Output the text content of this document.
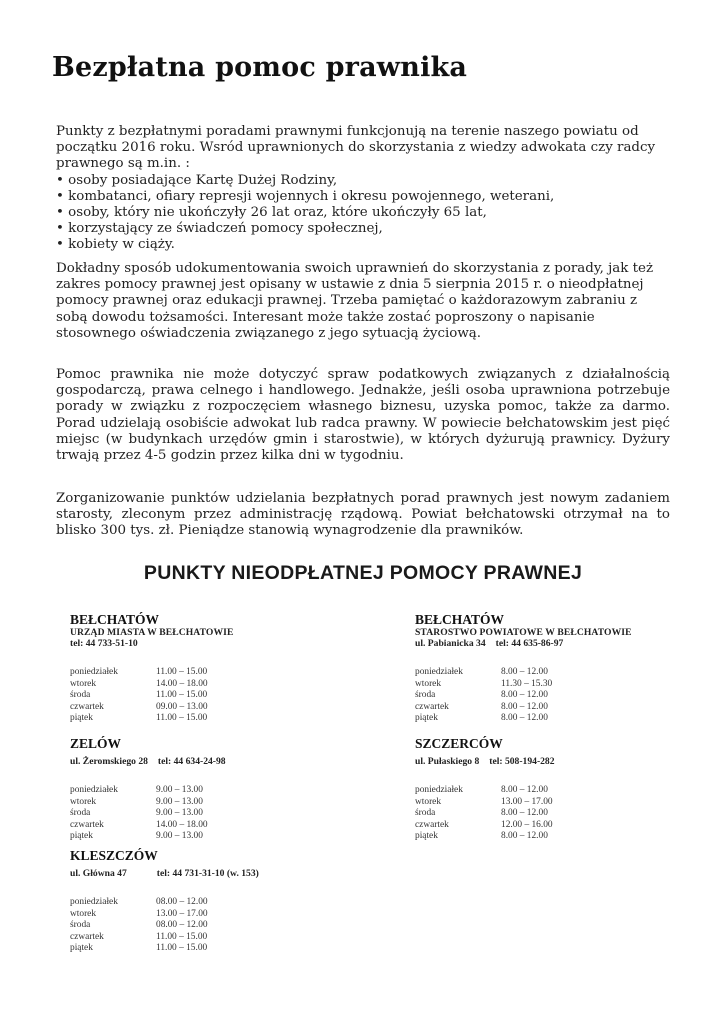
Bezpłatna pomoc prawnika

Punkty z bezpłatnymi poradami prawnymi funkcjonują na terenie naszego powiatu od początku 2016 roku. Wsród uprawnionych do skorzystania z wiedzy adwokata czy radcy prawnego są m.in. :

• osoby posiadające Kartę Dużej Rodziny,
• kombatanci, ofiary represji wojennych i okresu powojennego, weterani,
• osoby, który nie ukończyły 26 lat oraz, które ukończyły 65 lat,
• korzystający ze świadczeń pomocy społecznej,
• kobiety w ciąży.

Dokładny sposób udokumentowania swoich uprawnień do skorzystania z porady, jak też zakres pomocy prawnej jest opisany w ustawie z dnia 5 sierpnia 2015 r. o nieodpłatnej pomocy prawnej oraz edukacji prawnej. Trzeba pamiętać o każdorazowym zabraniu z sobą dowodu tożsamości. Interesant może także zostać poproszony o napisanie stosownego oświadczenia związanego z jego sytuacją życiową.

Pomoc prawnika nie może dotyczyć spraw podatkowych związanych z działalnością gospodarczą, prawa celnego i handlowego. Jednakże, jeśli osoba uprawniona potrzebuje porady w związku z rozpoczęciem własnego biznesu, uzyska pomoc, także za darmo. Porad udzielają osobiście adwokat lub radca prawny. W powiecie bełchatowskim jest pięć miejsc (w budynkach urzędów gmin i starostwie), w których dyżurują prawnicy. Dyżury trwają przez 4-5 godzin przez kilka dni w tygodniu.

Zorganizowanie punktów udzielania bezpłatnych porad prawnych jest nowym zadaniem starosty, zleconym przez administrację rządową. Powiat bełchatowski otrzymał na to blisko 300 tys. zł. Pieniądze stanowią wynagrodzenie dla prawników.

PUNKTY NIEODPŁATNEJ POMOCY PRAWNEJ
BEŁCHATÓW
URZĄD MIASTA W BEŁCHATOWIE
tel: 44 733-51-10
poniedziałek	11.00 – 15.00
wtorek	14.00 – 18.00
środa	11.00 – 15.00
czwartek	09.00 – 13.00
piątek	11.00 – 15.00
BEŁCHATÓW
STAROSTWO POWIATOWE W BEŁCHATOWIE
ul. Pabianicka 34 tel: 44 635-86-97
poniedziałek	8.00 – 12.00
wtorek	11.30 – 15.30
środa	8.00 – 12.00
czwartek	8.00 – 12.00
piątek	8.00 – 12.00
ZELÓW
ul. Żeromskiego 28 tel: 44 634-24-98
poniedziałek	9.00 – 13.00
wtorek	9.00 – 13.00
środa	9.00 – 13.00
czwartek	14.00 – 18.00
piątek	9.00 – 13.00
SZCZERCÓW
ul. Pułaskiego 8 tel: 508-194-282
poniedziałek	8.00 – 12.00
wtorek	13.00 – 17.00
środa	8.00 – 12.00
czwartek	12.00 – 16.00
piątek	8.00 – 12.00
KLESZCZÓW
ul. Główna 47	tel: 44 731-31-10 (w. 153)
poniedziałek	08.00 – 12.00
wtorek	13.00 – 17.00
środa	08.00 – 12.00
czwartek	11.00 – 15.00
piątek	11.00 – 15.00
